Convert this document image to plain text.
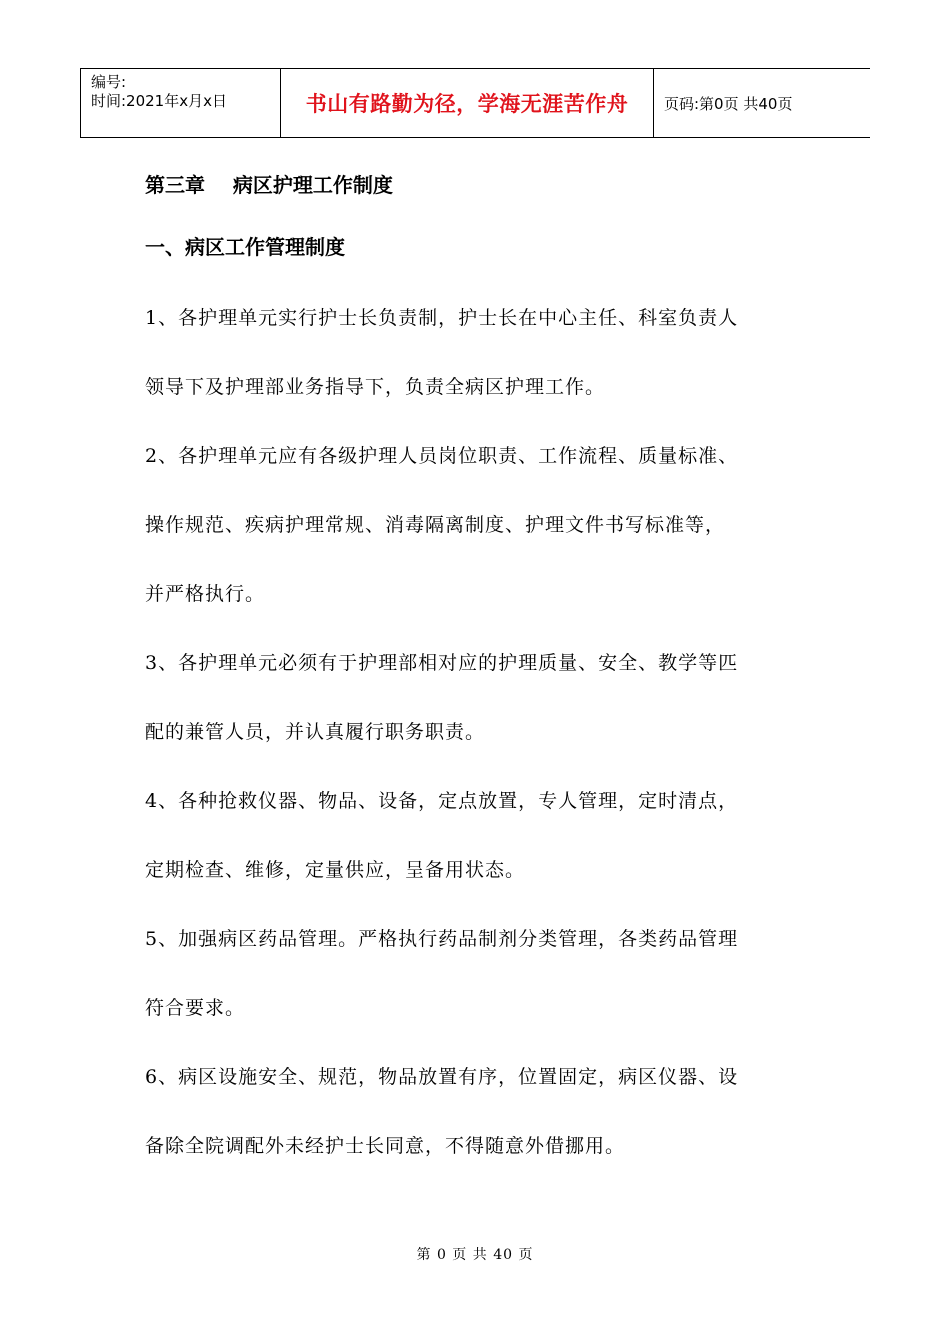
编号:
时间:2021年x月x日	书山有路勤为径，学海无涯苦作舟	页码:第0页 共40页
第三章    病区护理工作制度
一、病区工作管理制度
1、各护理单元实行护士长负责制，护士长在中心主任、科室负责人
领导下及护理部业务指导下，负责全病区护理工作。
2、各护理单元应有各级护理人员岗位职责、工作流程、质量标准、
操作规范、疾病护理常规、消毒隔离制度、护理文件书写标准等，
并严格执行。
3、各护理单元必须有于护理部相对应的护理质量、安全、教学等匹
配的兼管人员，并认真履行职务职责。
4、各种抢救仪器、物品、设备，定点放置，专人管理，定时清点，
定期检查、维修，定量供应，呈备用状态。
5、加强病区药品管理。严格执行药品制剂分类管理，各类药品管理
符合要求。
6、病区设施安全、规范，物品放置有序，位置固定，病区仪器、设
备除全院调配外未经护士长同意，不得随意外借挪用。
第 0 页 共 40 页
